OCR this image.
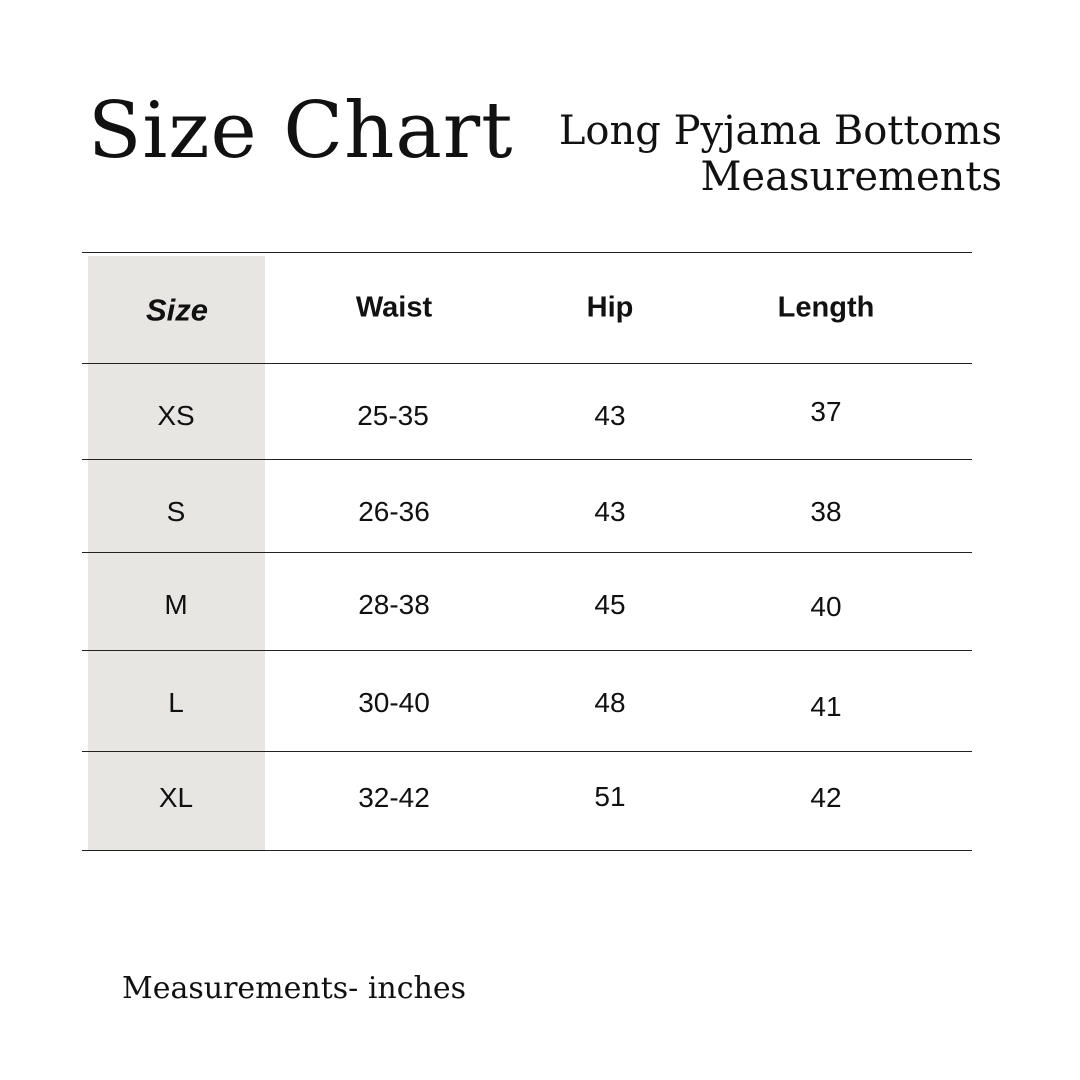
Size Chart Long Pyjama Bottoms
Measurements
Size	Waist	Hip	Length
XS	25-35	43	37
S	26-36	43	38
M	28-38	45	40
L	30-40	48	41
XL	32-42	51	42
Measurements- inches
